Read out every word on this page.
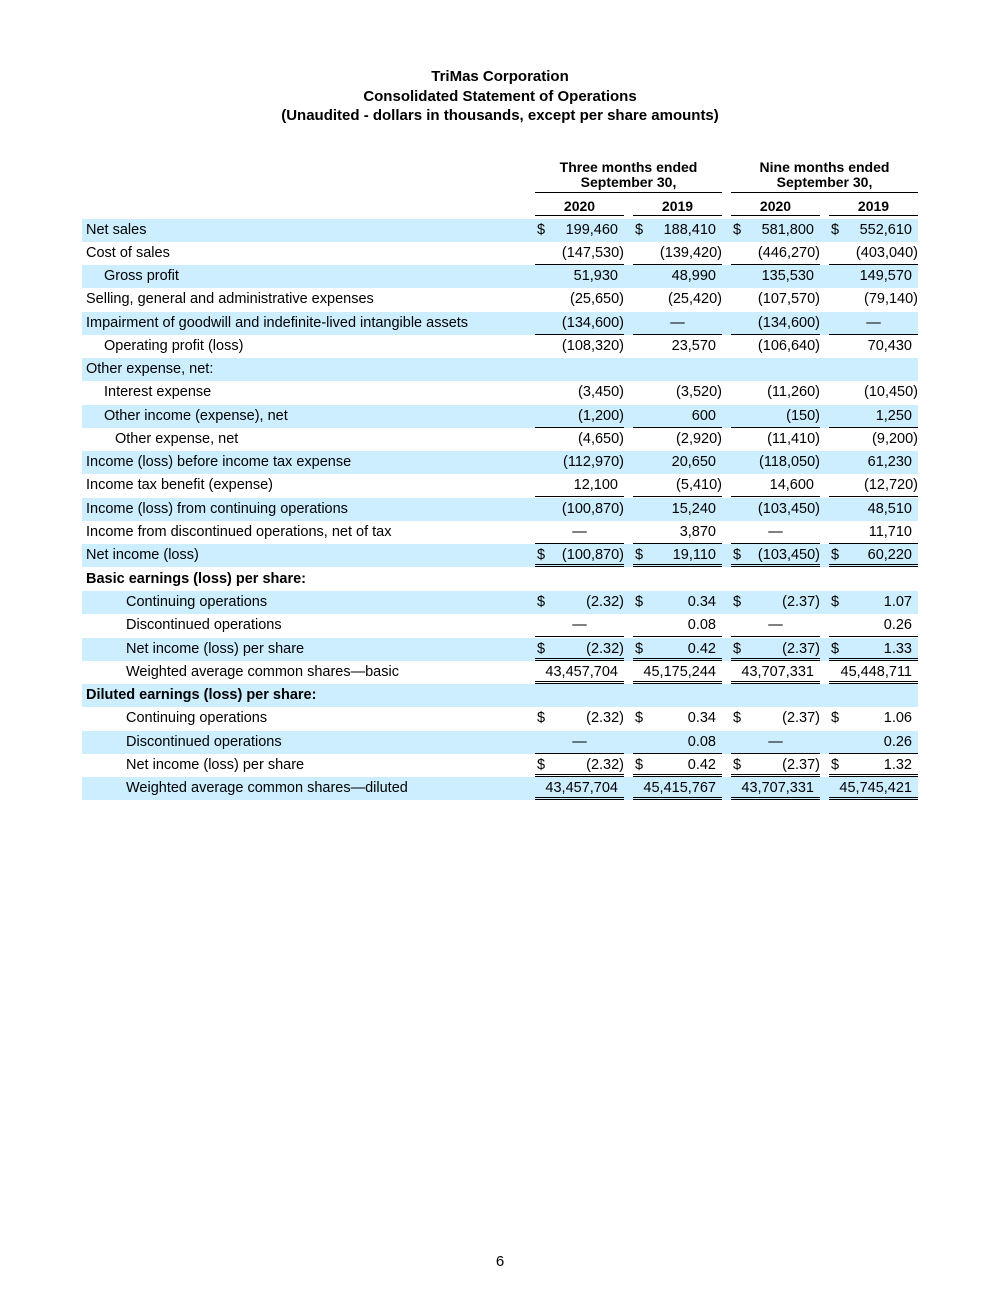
TriMas Corporation
Consolidated Statement of Operations
(Unaudited - dollars in thousands, except per share amounts)
Three months ended September 30,
Nine months ended September 30,
2020	2019	2020	2019
Net sales	$ 199,460 $ 188,410 $ 581,800 $ 552,610
Cost of sales	(147,530) (139,420) (446,270) (403,040)
Gross profit	51,930	48,990	135,530	149,570
Selling, general and administrative expenses	(25,650)	(25,420) (107,570)	(79,140)
Impairment of goodwill and indefinite-lived intangible assets	(134,600)	—	(134,600)	—
Operating profit (loss)	(108,320)	23,570	(106,640)	70,430
Other expense, net:
Interest expense	(3,450)	(3,520)	(11,260)	(10,450)
Other income (expense), net	(1,200)	600	(150)	1,250
Other expense, net	(4,650)	(2,920)	(11,410)	(9,200)
Income (loss) before income tax expense	(112,970)	20,650	(118,050)	61,230
Income tax benefit (expense)	12,100	(5,410)	14,600	(12,720)
Income (loss) from continuing operations	(100,870)	15,240	(103,450)	48,510
Income from discontinued operations, net of tax	—	3,870	—	11,710
Net income (loss)	$ (100,870) $ 19,110 $ (103,450) $ 60,220
Basic earnings (loss) per share:
Continuing operations	$	(2.32) $	0.34 $	(2.37) $	1.07
Discontinued operations	—	0.08	—	0.26
Net income (loss) per share	$	(2.32) $	0.42 $	(2.37) $	1.33
Weighted average common shares—basic	43,457,704 45,175,244 43,707,331 45,448,711
Diluted earnings (loss) per share:
Continuing operations	$	(2.32) $	0.34 $	(2.37) $	1.06
Discontinued operations	—	0.08	—	0.26
Net income (loss) per share	$	(2.32) $	0.42 $	(2.37) $	1.32
Weighted average common shares—diluted	43,457,704 45,415,767 43,707,331 45,745,421
6
